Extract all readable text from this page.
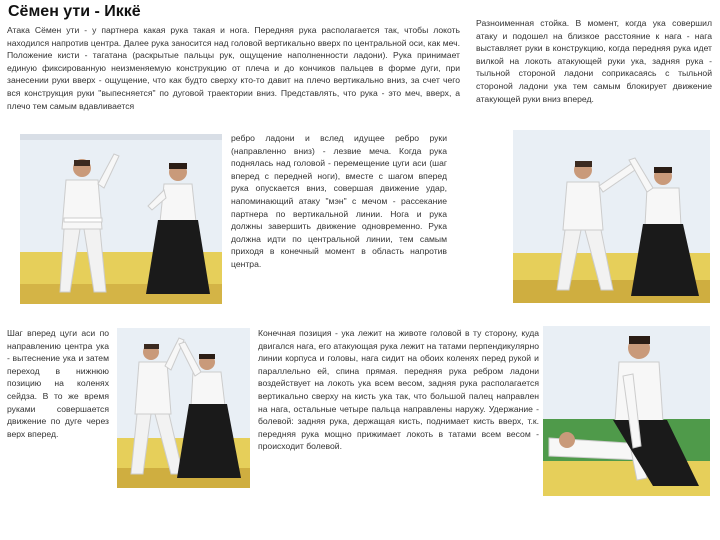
Сёмен ути - Иккё
Атака Сёмен ути - у партнера какая рука такая и нога. Передняя рука располагается так, чтобы локоть находился напротив центра. Далее рука заносится над головой вертикально вверх по центральной оси, как меч. Положение кисти - тагатана (раскрытые пальцы рук, ощущение наполненности ладони). Рука принимает единую фиксированную неизменяемую конструкцию от плеча и до кончиков пальцев в форме дуги, при занесении руки вверх - ощущение, что как будто сверху кто-то давит на плечо вертикально вниз, за счет чего вся конструкция руки "выпесняется" по дуговой траектории вниз. Представлять, что рука - это меч, вверх, а плечо тем самым вдавливается
ребро ладони и вслед идущее ребро руки (направленно вниз) - лезвие меча. Когда рука поднялась над головой - перемещение цуги аси (шаг вперед с передней ноги), вместе с шагом вперед рука опускается вниз, совершая движение удар, напоминающий атаку "мэн" с мечом - рассекание партнера по вертикальной линии. Нога и рука должны завершить движение одновременно. Рука должна идти по центральной линии, тем самым приходя в конечный момент в область напротив центра.
Разноименная стойка. В момент, когда ука совершил атаку и подошел на близкое расстояние к нага - нага выставляет руки в конструкцию, когда передняя рука идет вилкой на локоть атакующей руки ука, задняя рука - тыльной стороной ладони соприкасаясь с тыльной стороной ладони ука тем самым блокирует движение атакующей руки вниз вперед.
Шаг вперед цуги аси по направлению центра ука - вытеснение ука и затем переход в нижнюю позицию на коленях сейдза. В то же время руками совершается движение по дуге через верх вперед.
Конечная позиция - ука лежит на животе головой в ту сторону, куда двигался нага, его атакующая рука лежит на татами перпендикулярно линии корпуса и головы, нага сидит на обоих коленях перед рукой и параллельно ей, спина прямая. передняя рука ребром ладони воздействует на локоть ука всем весом, задняя рука располагается вертикально сверху на кисть ука так, что большой палец направлен на нага, остальные четыре пальца направлены наружу. Удержание - болевой: задняя рука, держащая кисть, поднимает кисть вверх, т.к. передняя рука мощно прижимает локоть в татами всем весом - происходит болевой.
